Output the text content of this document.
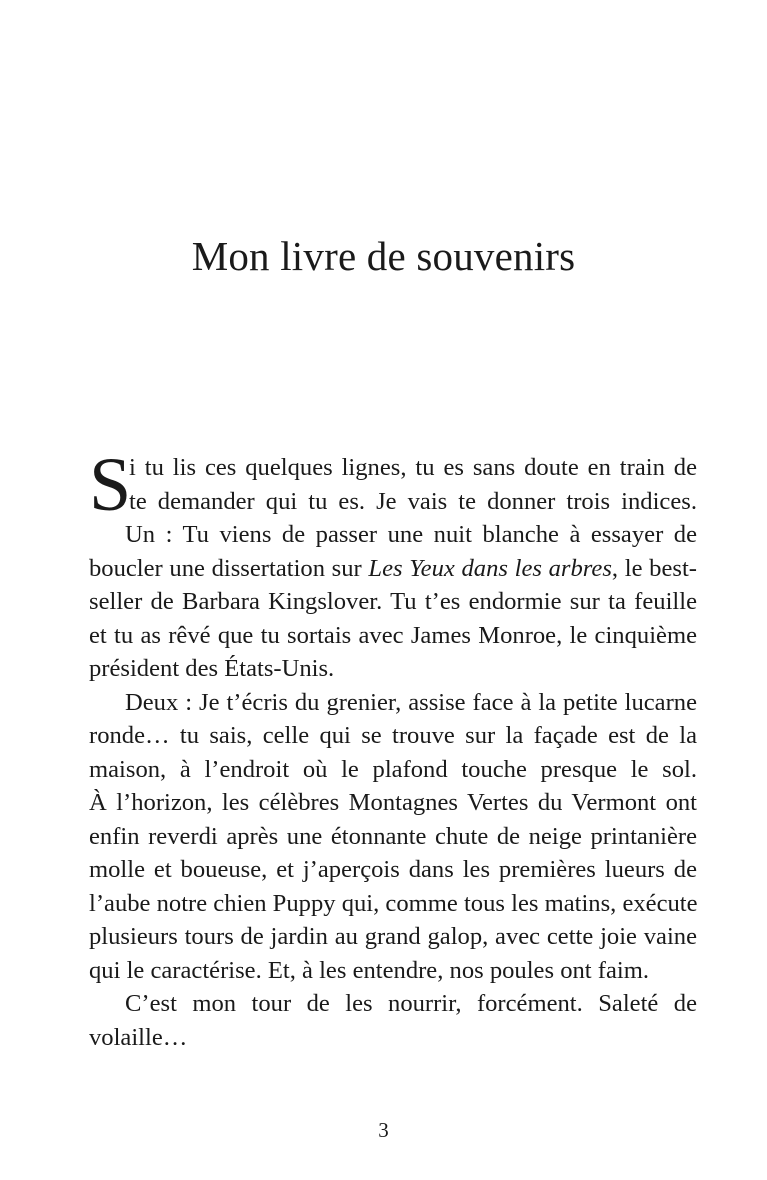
Mon livre de souvenirs
S
i tu lis ces quelques lignes, tu es sans doute en train de
te demander qui tu es. Je vais te donner trois indices.
Un : Tu viens de passer une nuit blanche à essayer de
boucler une dissertation sur Les Yeux dans les arbres, le best-
seller de Barbara Kingslover. Tu t’es endormie sur ta feuille
et tu as rêvé que tu sortais avec James Monroe, le cinquième
président des États-Unis.
Deux : Je t’écris du grenier, assise face à la petite lucarne
ronde… tu sais, celle qui se trouve sur la façade est de la
maison, à l’endroit où le plafond touche presque le sol.
À l’horizon, les célèbres Montagnes Vertes du Vermont ont
enfin reverdi après une étonnante chute de neige printanière
molle et boueuse, et j’aperçois dans les premières lueurs de
l’aube notre chien Puppy qui, comme tous les matins, exécute
plusieurs tours de jardin au grand galop, avec cette joie vaine
qui le caractérise. Et, à les entendre, nos poules ont faim.
C’est mon tour de les nourrir, forcément. Saleté de
volaille…

3
